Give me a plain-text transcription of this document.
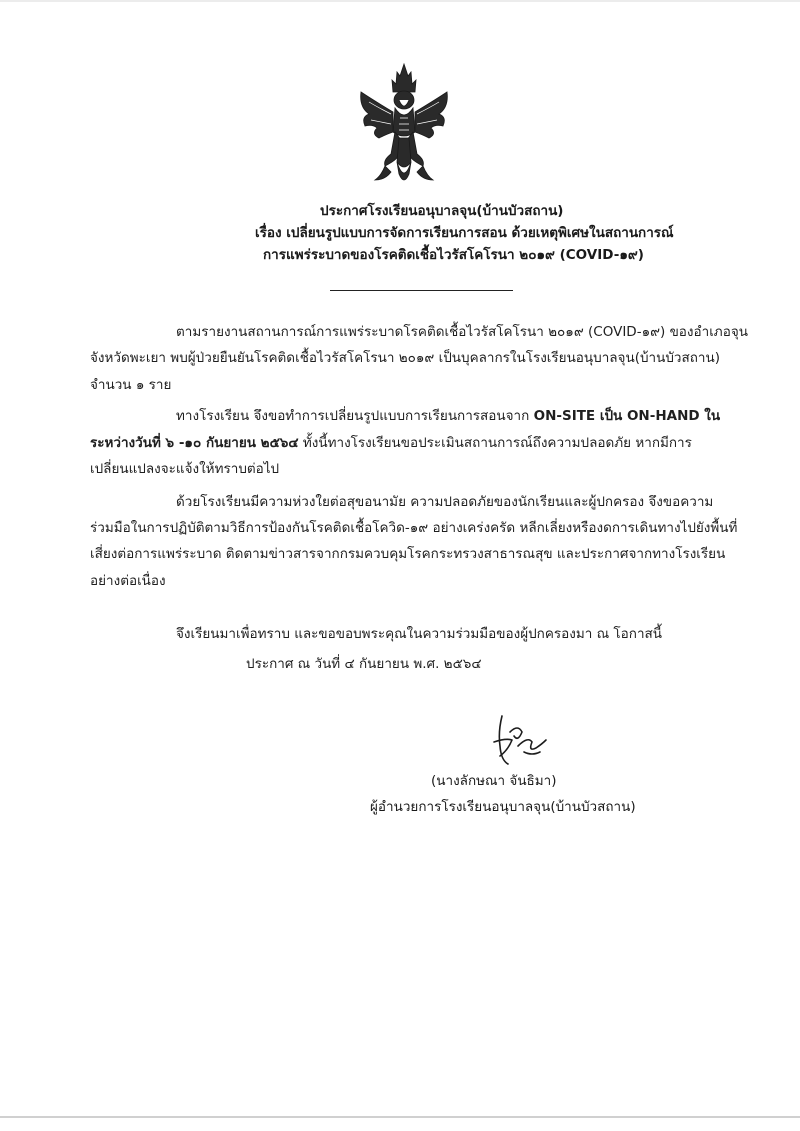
ประกาศโรงเรียนอนุบาลจุน(บ้านบัวสถาน)
เรื่อง เปลี่ยนรูปแบบการจัดการเรียนการสอน ด้วยเหตุพิเศษในสถานการณ์
การแพร่ระบาดของโรคติดเชื้อไวรัสโคโรนา ๒๐๑๙ (COVID-๑๙)
ตามรายงานสถานการณ์การแพร่ระบาดโรคติดเชื้อไวรัสโคโรนา ๒๐๑๙ (COVID-๑๙) ของอำเภอจุน
จังหวัดพะเยา พบผู้ป่วยยืนยันโรคติดเชื้อไวรัสโคโรนา ๒๐๑๙ เป็นบุคลากรในโรงเรียนอนุบาลจุน(บ้านบัวสถาน)
จำนวน ๑ ราย
ทางโรงเรียน จึงขอทำการเปลี่ยนรูปแบบการเรียนการสอนจาก ON-SITE เป็น ON-HAND ใน
ระหว่างวันที่ ๖ -๑๐ กันยายน ๒๕๖๔ ทั้งนี้ทางโรงเรียนขอประเมินสถานการณ์ถึงความปลอดภัย หากมีการ
เปลี่ยนแปลงจะแจ้งให้ทราบต่อไป
ด้วยโรงเรียนมีความห่วงใยต่อสุขอนามัย ความปลอดภัยของนักเรียนและผู้ปกครอง จึงขอความ
ร่วมมือในการปฏิบัติตามวิธีการป้องกันโรคติดเชื้อโควิด-๑๙ อย่างเคร่งครัด หลีกเลี่ยงหรืองดการเดินทางไปยังพื้นที่
เสี่ยงต่อการแพร่ระบาด ติดตามข่าวสารจากกรมควบคุมโรคกระทรวงสาธารณสุข และประกาศจากทางโรงเรียน
อย่างต่อเนื่อง
จึงเรียนมาเพื่อทราบ และขอขอบพระคุณในความร่วมมือของผู้ปกครองมา ณ โอกาสนี้
ประกาศ ณ วันที่ ๔ กันยายน พ.ศ. ๒๕๖๔
(นางลักษณา จันธิมา)
ผู้อำนวยการโรงเรียนอนุบาลจุน(บ้านบัวสถาน)
